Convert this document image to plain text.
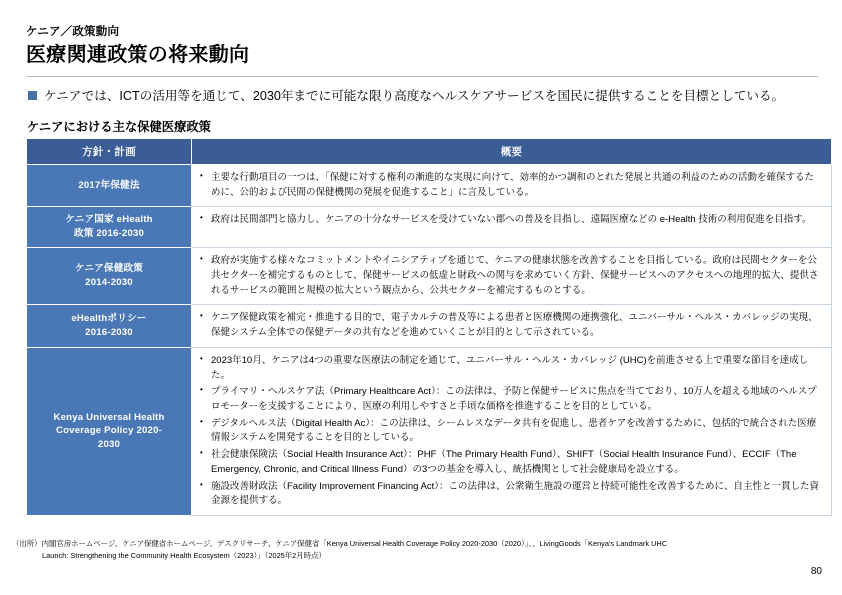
ケニア／政策動向
医療関連政策の将来動向
ケニアでは、ICTの活用等を通じて、2030年までに可能な限り高度なヘルスケアサービスを国民に提供することを目標としている。
ケニアにおける主な保健医療政策
方針・計画	概要
2017年保健法	
• 主要な行動項目の一つは、「保健に対する権利の漸進的な実現に向けて、効率的かつ調和のとれた発展と共通の利益のための活動を確保するために、公的および民間の保健機関の発展を促進すること」に言及している。

ケニア国家 eHealth
政策 2016-2030	
• 政府は民間部門と協力し、ケニアの十分なサービスを受けていない郡への普及を目指し、遠隔医療などの e-Health 技術の利用促進を目指す。

ケニア保健政策
2014-2030	
• 政府が実施する様々なコミットメントやイニシアティブを通じて、ケニアの健康状態を改善することを目指している。政府は民間セクターを公共セクターを補完するものとして、保健サービスの低虚と財政への関与を求めていく方針、保健サービスへのアクセスへの地理的拡大、提供されるサービスの範囲と規模の拡大という観点から、公共セクターを補完するものとする。

eHealthポリシー
2016-2030	
• ケニア保健政策を補完・推進する目的で、電子カルテの普及等による患者と医療機関の連携強化、ユニバーサル・ヘルス・カバレッジの実現、保健システム全体での保健データの共有などを進めていくことが目的として示されている。

Kenya Universal Health
Coverage Policy 2020-
2030	
• 2023年10月、ケニアは4つの重要な医療法の制定を通じて、ユニバーサル・ヘルス・カバレッジ (UHC)を前進させる上で重要な節目を達成した。
• プライマリ・ヘルスケア法（Primary Healthcare Act）：この法律は、予防と保健サービスに焦点を当てており、10万人を超える地域のヘルスプロモーターを支援することにより、医療の利用しやすさと手頃な価格を推進することを目的としている。
• デジタルヘルス法（Digital Health Ac）：この法律は、シームレスなデータ共有を促進し、患者ケアを改善するために、包括的で統合された医療情報システムを開発することを目的としている。
• 社会健康保険法（Social Health Insurance Act）：PHF（The Primary Health Fund）、SHIFT（Social Health Insurance Fund）、ECCIF（The Emergency, Chronic, and Critical Illness Fund）の3つの基金を導入し、統括機関として社会健康局を設立する。
• 施設改善財政法（Facility Improvement Financing Act）：この法律は、公衆衛生施設の運営と持続可能性を改善するために、自主性と一貫した資金源を提供する。
（出所）内閣官房ホームページ、ケニア保健省ホームページ、デスクリサーチ、ケニア保健省「Kenya Universal Health Coverage Policy 2020-2030（2020）」、、LivingGoods「Kenya's Landmark UHC
Launch: Strengthening the Community Health Ecosystem（2023）」（2025年2月時点）
80
